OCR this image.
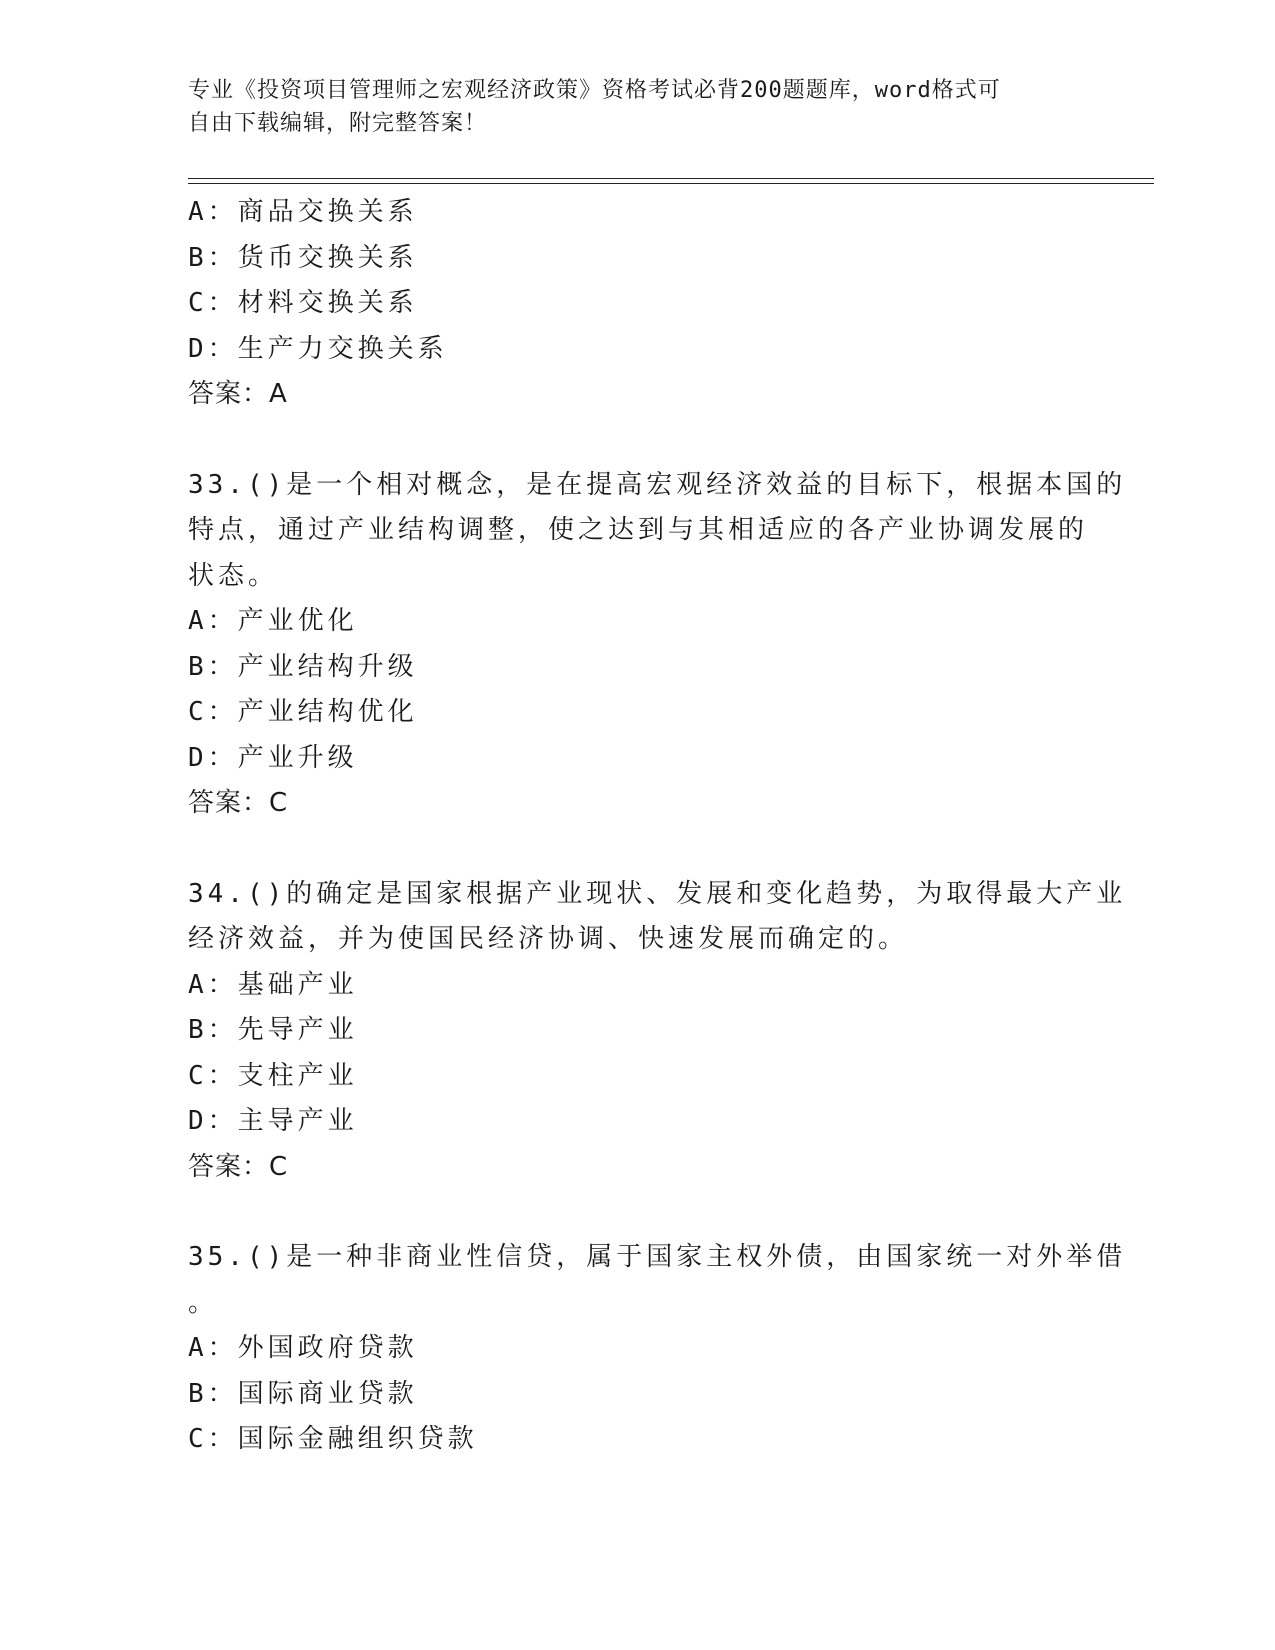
专业《投资项目管理师之宏观经济政策》资格考试必背200题题库，word格式可
自由下载编辑，附完整答案！
A：商品交换关系
B：货币交换关系
C：材料交换关系
D：生产力交换关系
答案：A
33.()是一个相对概念，是在提高宏观经济效益的目标下，根据本国的
特点，通过产业结构调整，使之达到与其相适应的各产业协调发展的
状态。
A：产业优化
B：产业结构升级
C：产业结构优化
D：产业升级
答案：C
34.()的确定是国家根据产业现状、发展和变化趋势，为取得最大产业
经济效益，并为使国民经济协调、快速发展而确定的。
A：基础产业
B：先导产业
C：支柱产业
D：主导产业
答案：C
35.()是一种非商业性信贷，属于国家主权外债，由国家统一对外举借
。
A：外国政府贷款
B：国际商业贷款
C：国际金融组织贷款
